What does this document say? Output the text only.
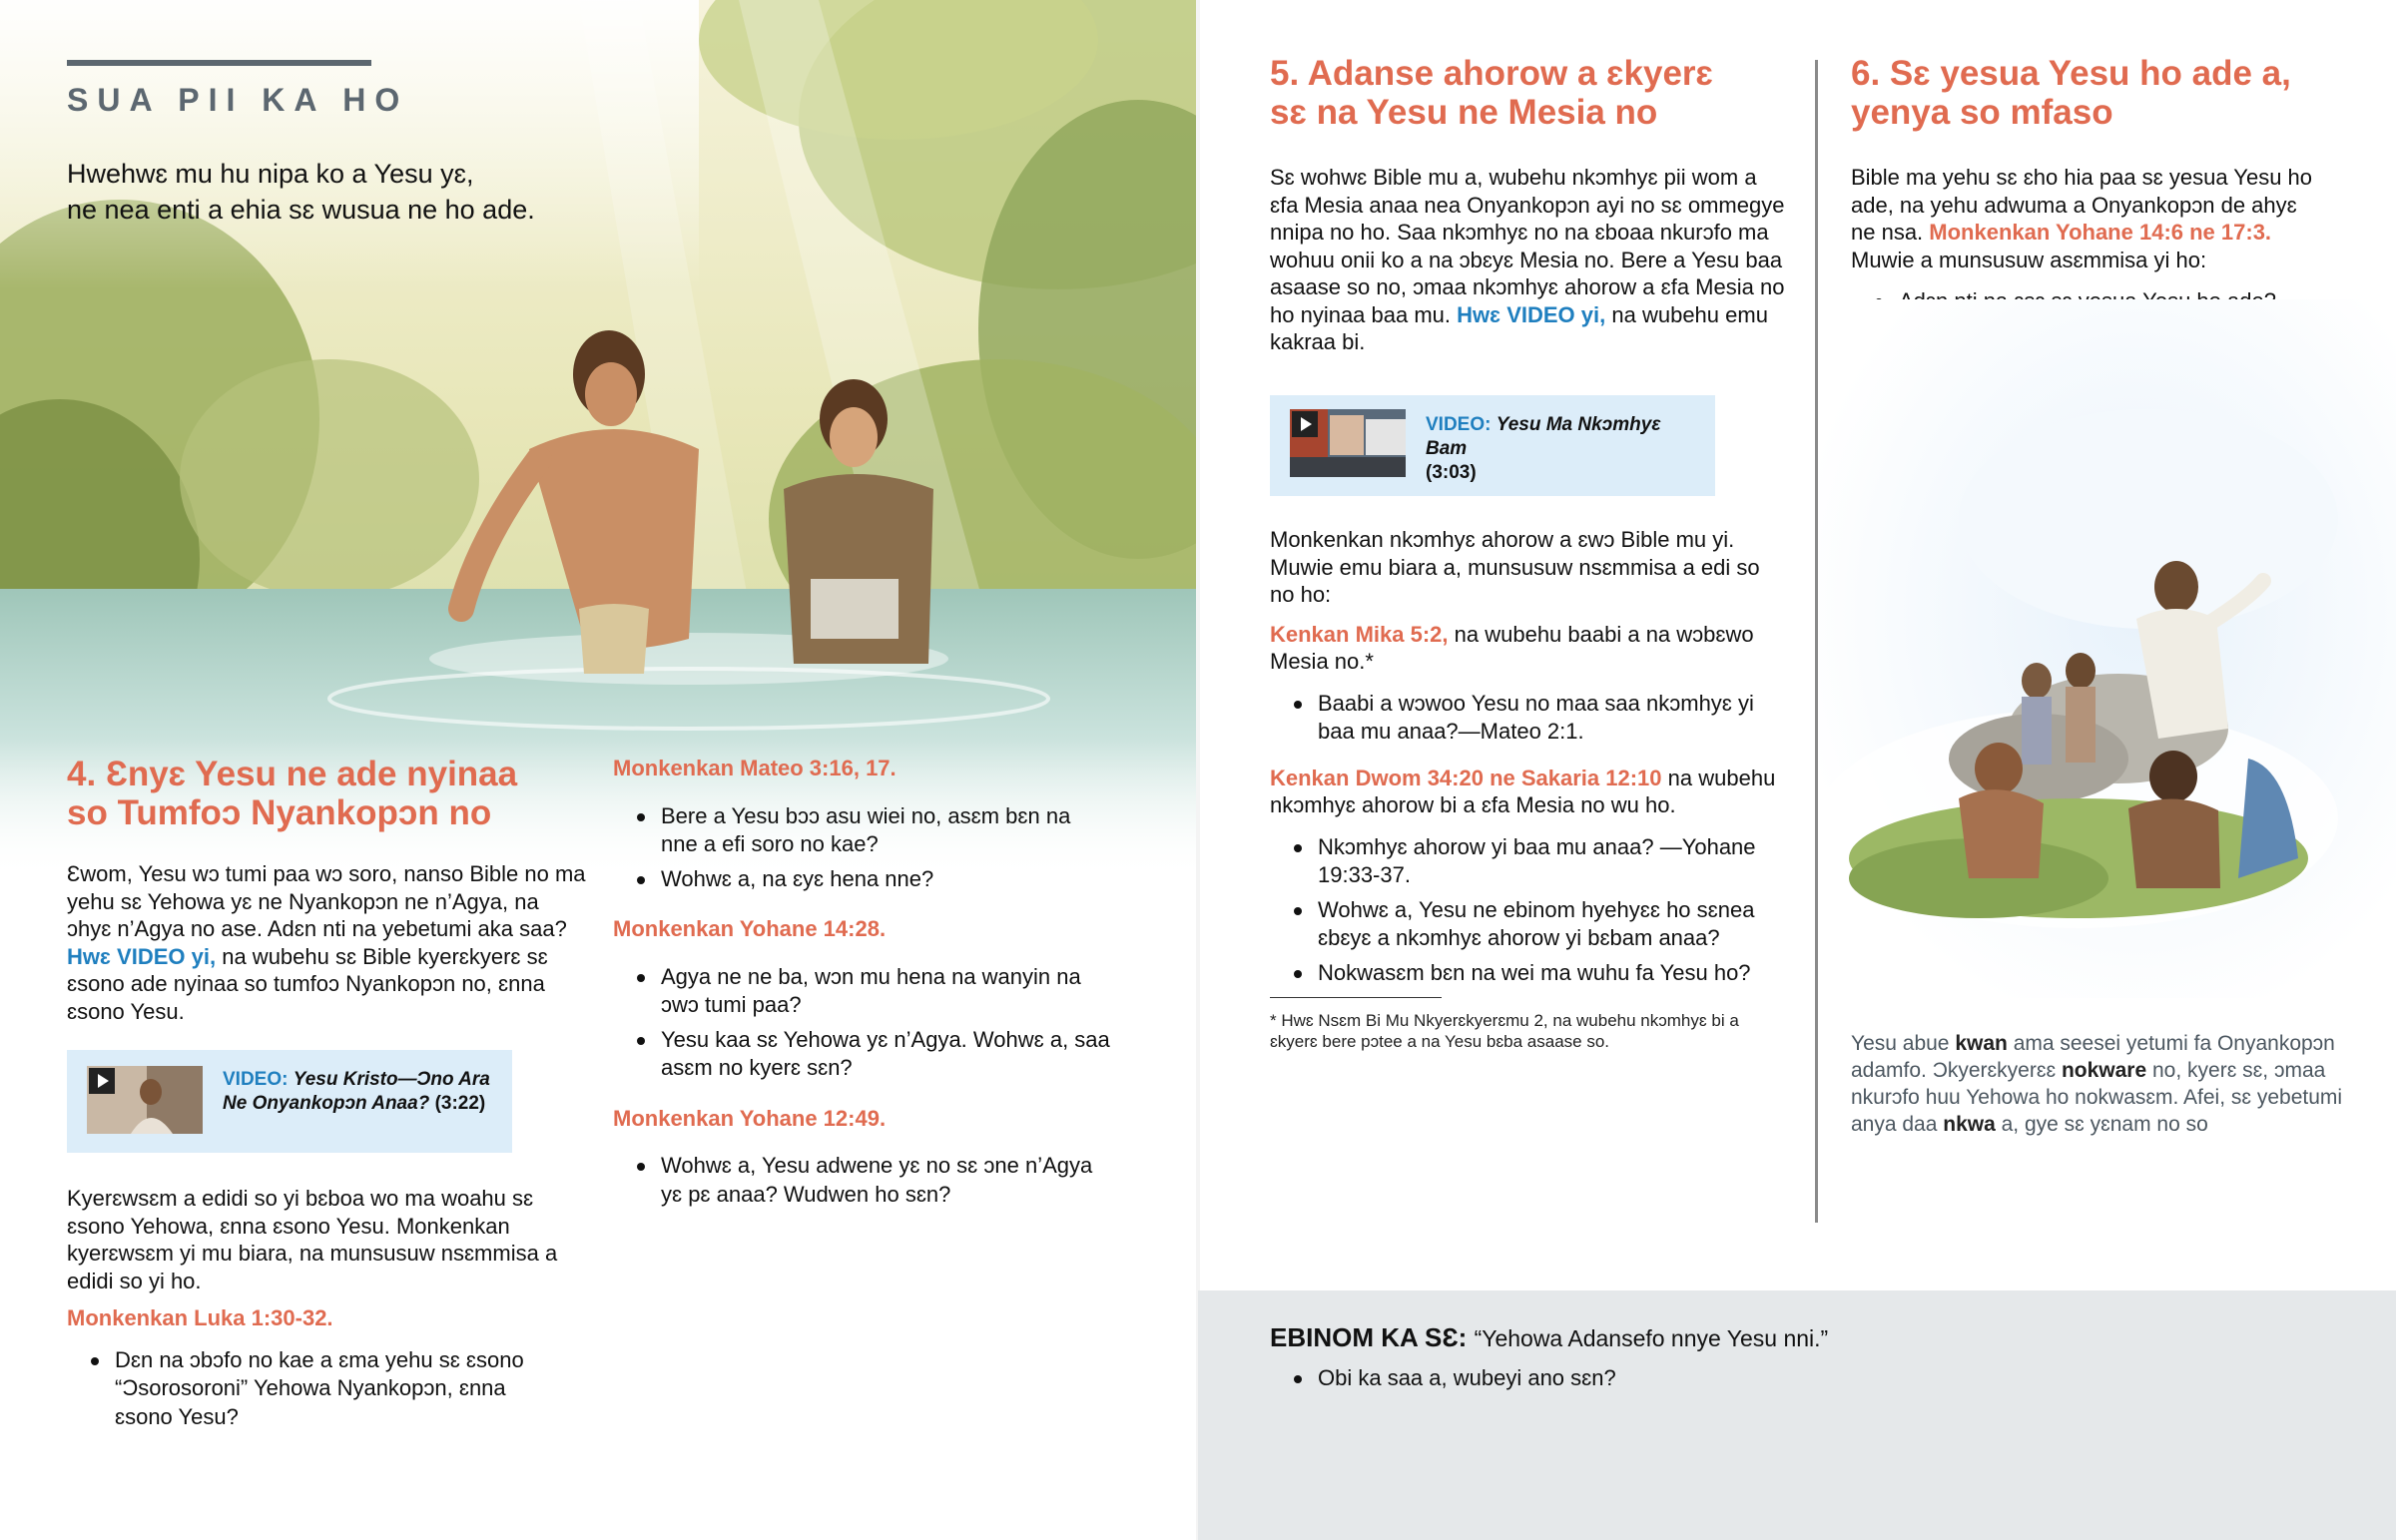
SUA PII KA HO
Hwehwɛ mu hu nipa ko a Yesu yɛ,
ne nea enti a ehia sɛ wusua ne ho ade.
4. Ɛnyɛ Yesu ne ade nyinaa
so Tumfoɔ Nyankopɔn no

Ɛwom, Yesu wɔ tumi paa wɔ soro, nanso Bible no ma yehu sɛ Yehowa yɛ ne Nyankopɔn ne n’Agya, na ɔhyɛ n’Agya no ase. Adɛn nti na yebetumi aka saa? Hwɛ VIDEO yi, na wubehu sɛ Bible kyerɛkyerɛ sɛ ɛsono ade nyinaa so tumfoɔ Nyankopɔn no, ɛnna ɛsono Yesu.

VIDEO: Yesu Kristo—Ɔno Ara Ne Onyankopɔn Anaa? (3:22)

Kyerɛwsɛm a edidi so yi bɛboa wo ma woahu sɛ ɛsono Yehowa, ɛnna ɛsono Yesu. Monkenkan kyerɛwsɛm yi mu biara, na munsusuw nsɛmmisa a edidi so yi ho.

Monkenkan Luka 1:30-32.

Dɛn na ɔbɔfo no kae a ɛma yehu sɛ ɛsono “Ɔsorosoroni” Yehowa Nyankopɔn, ɛnna ɛsono Yesu?

Monkenkan Mateo 3:16, 17.

Bere a Yesu bɔɔ asu wiei no, asɛm bɛn na nne a efi soro no kae?
Wohwɛ a, na ɛyɛ hena nne?

Monkenkan Yohane 14:28.

Agya ne ne ba, wɔn mu hena na wanyin na ɔwɔ tumi paa?
Yesu kaa sɛ Yehowa yɛ n’Agya. Wohwɛ a, saa asɛm no kyerɛ sɛn?

Monkenkan Yohane 12:49.

Wohwɛ a, Yesu adwene yɛ no sɛ ɔne n’Agya yɛ pɛ anaa? Wudwen ho sɛn?
5. Adanse ahorow a ɛkyerɛ
sɛ na Yesu ne Mesia no

Sɛ wohwɛ Bible mu a, wubehu nkɔmhyɛ pii wom a ɛfa Mesia anaa nea Onyankopɔn ayi no sɛ ommegye nnipa no ho. Saa nkɔmhyɛ no na ɛboaa nkurɔfo ma wohuu onii ko a na ɔbɛyɛ Mesia no. Bere a Yesu baa asaase so no, ɔmaa nkɔmhyɛ ahorow a ɛfa Mesia no ho nyinaa baa mu. Hwɛ VIDEO yi, na wubehu emu kakraa bi.

VIDEO: Yesu Ma Nkɔmhyɛ Bam
(3:03)

Monkenkan nkɔmhyɛ ahorow a ɛwɔ Bible mu yi. Muwie emu biara a, munsusuw nsɛmmisa a edi so no ho:

Kenkan Mika 5:2, na wubehu baabi a na wɔbɛwo Mesia no.*

Baabi a wɔwoo Yesu no maa saa nkɔmhyɛ yi baa mu anaa?—Mateo 2:1.

Kenkan Dwom 34:20 ne Sakaria 12:10 na wubehu nkɔmhyɛ ahorow bi a ɛfa Mesia no wu ho.

Nkɔmhyɛ ahorow yi baa mu anaa? —Yohane 19:33-37.
Wohwɛ a, Yesu ne ebinom hyehyɛɛ ho sɛnea ɛbɛyɛ a nkɔmhyɛ ahorow yi bɛbam anaa?
Nokwasɛm bɛn na wei ma wuhu fa Yesu ho?

* Hwɛ Nsɛm Bi Mu Nkyerɛkyerɛmu 2, na wubehu nkɔmhyɛ bi a ɛkyerɛ bere pɔtee a na Yesu bɛba asaase so.

6. Sɛ yesua Yesu ho ade a,
yenya so mfaso

Bible ma yehu sɛ ɛho hia paa sɛ yesua Yesu ho ade, na yehu adwuma a Onyankopɔn de ahyɛ ne nsa. Monkenkan Yohane 14:6 ne 17:3. Muwie a munsusuw asɛmmisa yi ho:

Yesu abue kwan ama seesei yetumi fa Onyankopɔn adamfo. Ɔkyerɛkyerɛɛ nokware no, kyerɛ sɛ, ɔmaa nkurɔfo huu Yehowa ho nokwasɛm. Afei, sɛ yebetumi anya daa nkwa a, gye sɛ yɛnam no so
EBINOM KA SƐ: “Yehowa Adansefo nnye Yesu nni.”
Obi ka saa a, wubeyi ano sɛn?
